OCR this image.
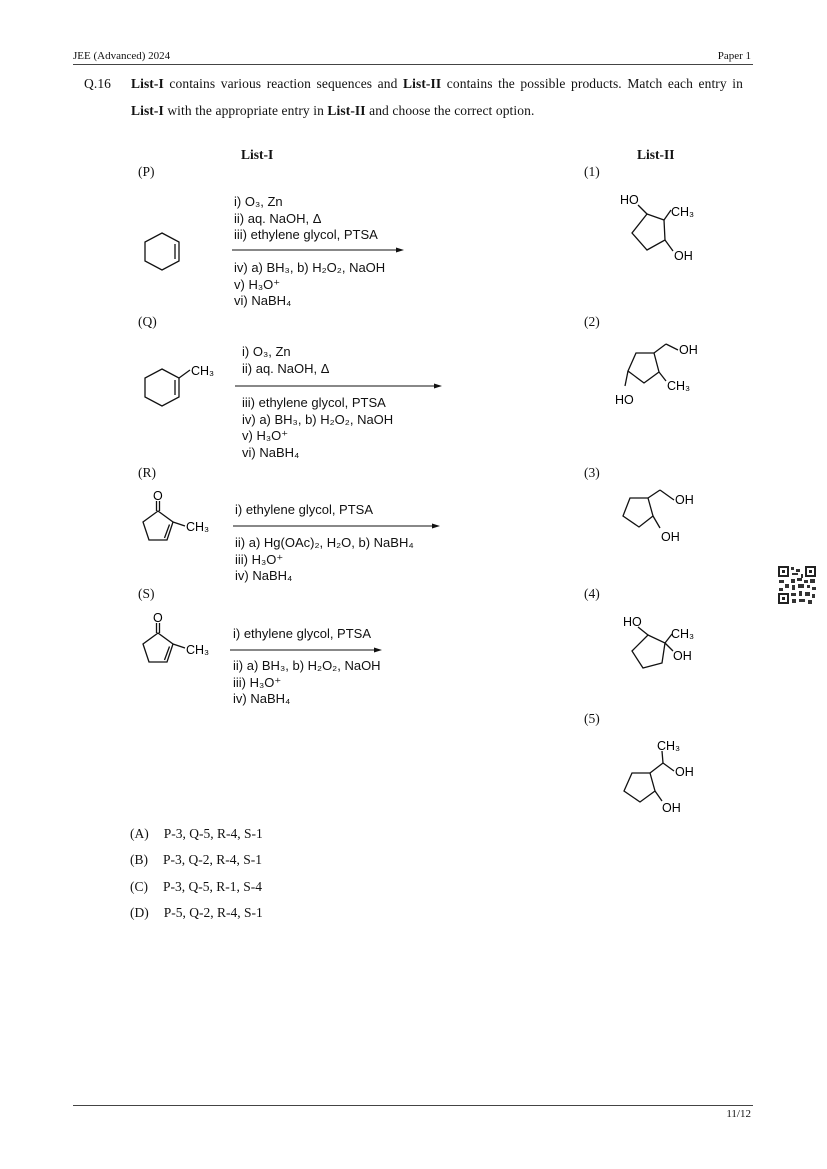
JEE (Advanced) 2024	Paper 1
Q.16 List-I contains various reaction sequences and List-II contains the possible products. Match each entry in List-I with the appropriate entry in List-II and choose the correct option.
List-I	List-II
(P)
(Q)
(R)
(S)
(1)
(2)
(3)
(4)
(5)
i) O₃, Zn
ii) aq. NaOH, Δ
iii) ethylene glycol, PTSA
iv) a) BH₃, b) H₂O₂, NaOH
v) H₃O⁺
vi) NaBH₄
CH₃
i) O₃, Zn
ii) aq. NaOH, Δ
iii) ethylene glycol, PTSA
iv) a) BH₃, b) H₂O₂, NaOH
v) H₃O⁺
vi) NaBH₄
O
CH₃
i) ethylene glycol, PTSA
ii) a) Hg(OAc)₂, H₂O, b) NaBH₄
iii) H₃O⁺
iv) NaBH₄
O
CH₃
i) ethylene glycol, PTSA
ii) a) BH₃, b) H₂O₂, NaOH
iii) H₃O⁺
iv) NaBH₄
HO
CH₃
OH
OH
CH₃
HO
OH
OH
HO
CH₃
OH
CH₃
OH
OH
(A) P-3, Q-5, R-4, S-1
(B) P-3, Q-2, R-4, S-1
(C) P-3, Q-5, R-1, S-4
(D) P-5, Q-2, R-4, S-1
11/12
